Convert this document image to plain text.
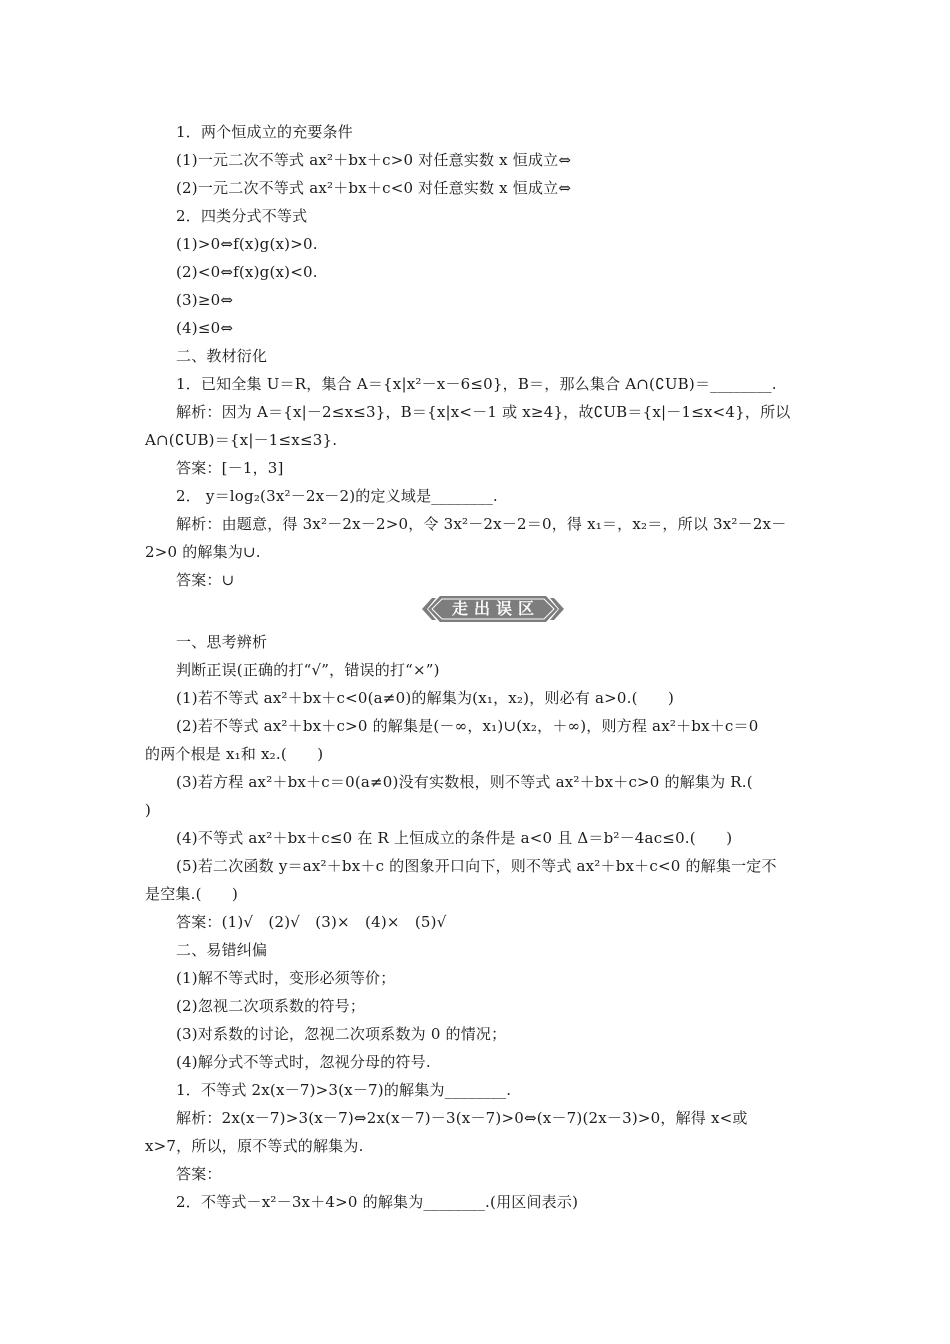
1．两个恒成立的充要条件
(1)一元二次不等式 ax²＋bx＋c>0 对任意实数 x 恒成立⇔
(2)一元二次不等式 ax²＋bx＋c<0 对任意实数 x 恒成立⇔
2．四类分式不等式
(1)>0⇔f(x)g(x)>0.
(2)<0⇔f(x)g(x)<0.
(3)≥0⇔
(4)≤0⇔
二、教材衍化
1．已知全集 U＝R，集合 A＝{x|x²－x－6≤0}，B＝，那么集合 A∩(∁UB)＝________.
解析：因为 A＝{x|－2≤x≤3}，B＝{x|x<－1 或 x≥4}，故∁UB＝{x|－1≤x<4}，所以
A∩(∁UB)＝{x|－1≤x≤3}.
答案：[－1，3]
2． y＝log₂(3x²－2x－2)的定义域是________.
解析：由题意，得 3x²－2x－2>0，令 3x²－2x－2＝0，得 x₁＝，x₂＝，所以 3x²－2x－
2>0 的解集为∪.
答案：∪
走出误区
一、思考辨析
判断正误(正确的打“√”，错误的打“×”)
(1)若不等式 ax²＋bx＋c<0(a≠0)的解集为(x₁，x₂)，则必有 a>0.(　　)
(2)若不等式 ax²＋bx＋c>0 的解集是(－∞，x₁)∪(x₂，＋∞)，则方程 ax²＋bx＋c＝0
的两个根是 x₁和 x₂.(　　)
(3)若方程 ax²＋bx＋c＝0(a≠0)没有实数根，则不等式 ax²＋bx＋c>0 的解集为 R.(
)
(4)不等式 ax²＋bx＋c≤0 在 R 上恒成立的条件是 a<0 且 Δ＝b²－4ac≤0.(　　)
(5)若二次函数 y＝ax²＋bx＋c 的图象开口向下，则不等式 ax²＋bx＋c<0 的解集一定不
是空集.(　　)
答案：(1)√　(2)√　(3)×　(4)×　(5)√
二、易错纠偏
(1)解不等式时，变形必须等价；
(2)忽视二次项系数的符号；
(3)对系数的讨论，忽视二次项系数为 0 的情况；
(4)解分式不等式时，忽视分母的符号.
1．不等式 2x(x－7)>3(x－7)的解集为________.
解析：2x(x－7)>3(x－7)⇔2x(x－7)－3(x－7)>0⇔(x－7)(2x－3)>0，解得 x<或
x>7，所以，原不等式的解集为.
答案：
2．不等式－x²－3x＋4>0 的解集为________.(用区间表示)
